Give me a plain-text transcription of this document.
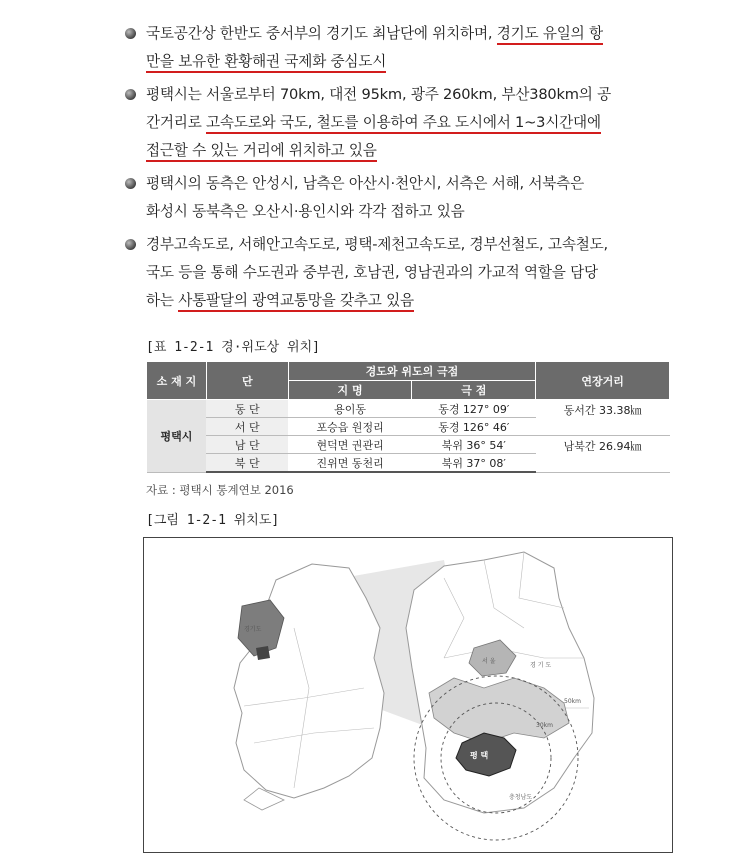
국토공간상 한반도 중서부의 경기도 최남단에 위치하며, 경기도 유일의 항
만을 보유한 환황해권 국제화 중심도시
평택시는 서울로부터 70km, 대전 95km, 광주 260km, 부산380km의 공
간거리로 고속도로와 국도, 철도를 이용하여 주요 도시에서 1~3시간대에
접근할 수 있는 거리에 위치하고 있음
평택시의 동측은 안성시, 남측은 아산시·천안시, 서측은 서해, 서북측은
화성시 동북측은 오산시·용인시와 각각 접하고 있음
경부고속도로, 서해안고속도로, 평택-제천고속도로, 경부선철도, 고속철도,
국도 등을 통해 수도권과 중부권, 호남권, 영남권과의 가교적 역할을 담당
하는 사통팔달의 광역교통망을 갖추고 있음
[표 1-2-1 경·위도상 위치]
소 재 지	단	경도와 위도의 극점		연장거리
		지 명	극 점	
평택시	동 단	용이동	동경 127° 09′	동서간 33.38㎞
	서 단	포승읍 원정리	동경 126° 46′	
	남 단	현덕면 권관리	북위 36° 54′	남북간 26.94㎞
	북 단	진위면 동천리	북위 37° 08′	
자료 : 평택시 통계연보 2016
[그림 1-2-1 위치도]
경기도
서 울
경 기 도
50km
30km
평 택
충청남도
